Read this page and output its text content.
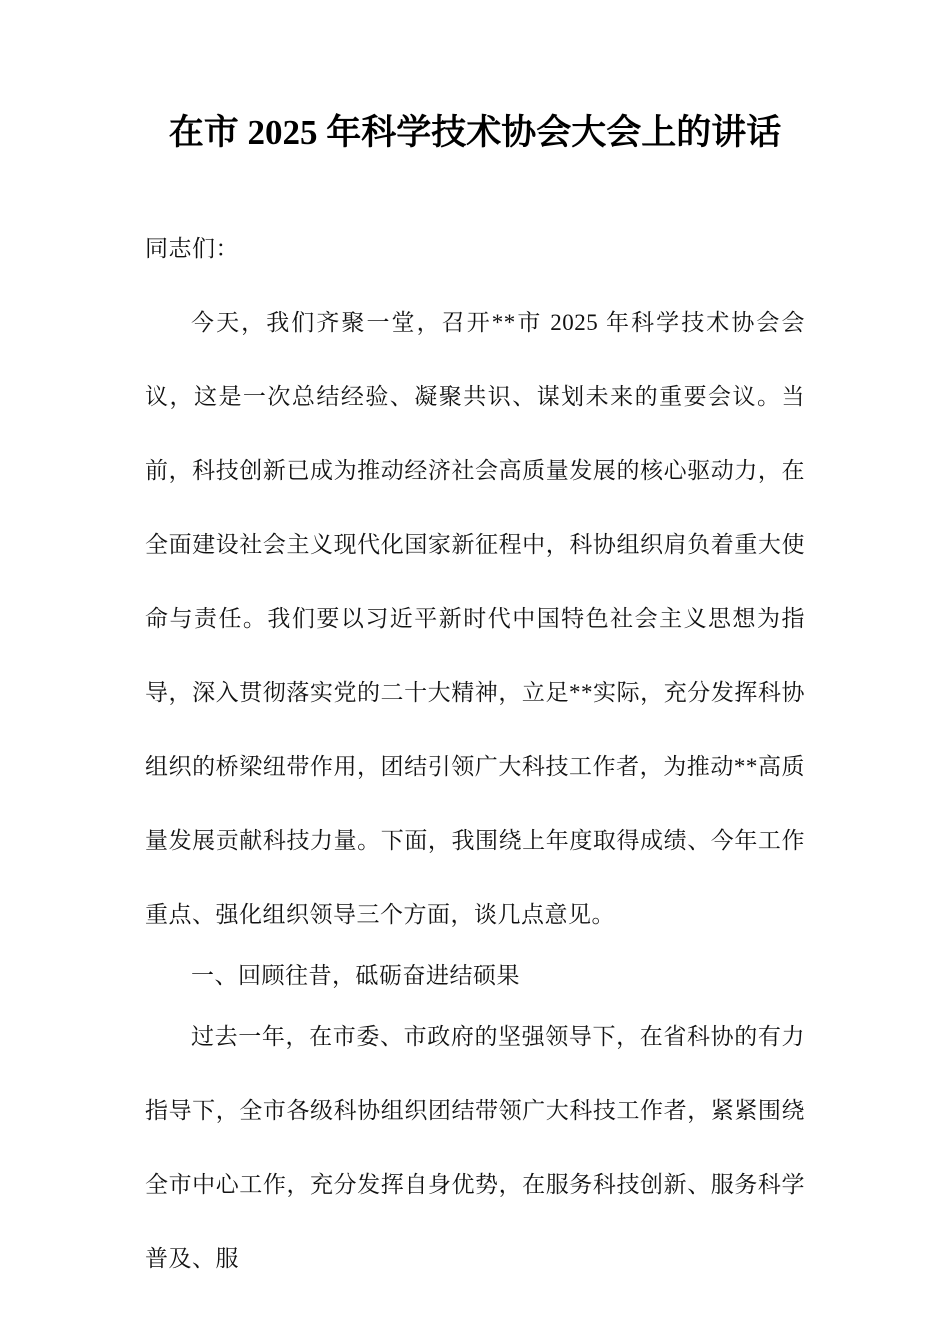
在市 2025 年科学技术协会大会上的讲话

同志们：

今天，我们齐聚一堂，召开**市 2025 年科学技术协会会议，这是一次总结经验、凝聚共识、谋划未来的重要会议。当前，科技创新已成为推动经济社会高质量发展的核心驱动力，在全面建设社会主义现代化国家新征程中，科协组织肩负着重大使命与责任。我们要以习近平新时代中国特色社会主义思想为指导，深入贯彻落实党的二十大精神，立足**实际，充分发挥科协组织的桥梁纽带作用，团结引领广大科技工作者，为推动**高质量发展贡献科技力量。下面，我围绕上年度取得成绩、今年工作重点、强化组织领导三个方面，谈几点意见。

一、回顾往昔，砥砺奋进结硕果

过去一年，在市委、市政府的坚强领导下，在省科协的有力指导下，全市各级科协组织团结带领广大科技工作者，紧紧围绕全市中心工作，充分发挥自身优势，在服务科技创新、服务科学普及、服
